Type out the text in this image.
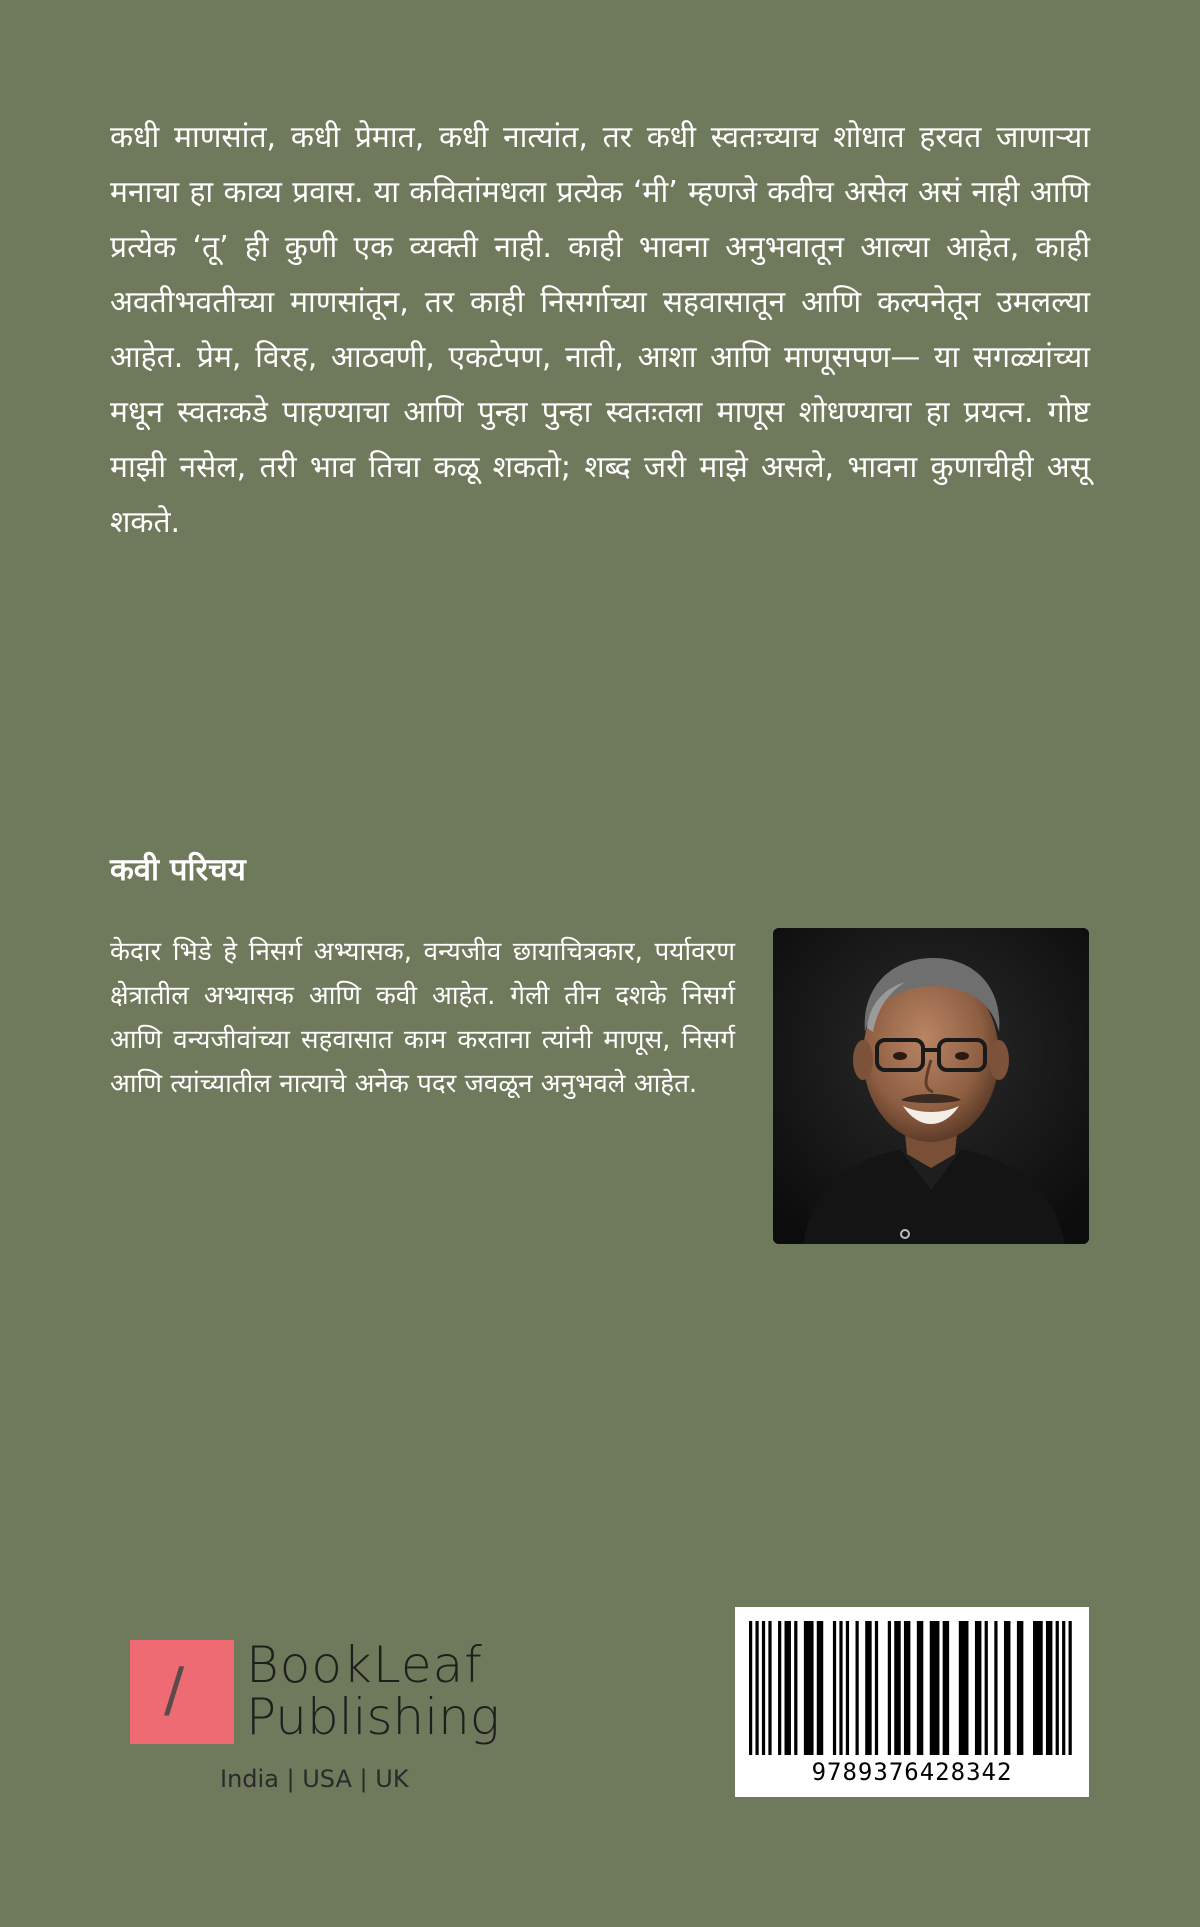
कधी माणसांत, कधी प्रेमात, कधी नात्यांत, तर कधी स्वतःच्याच शोधात हरवत जाणाऱ्या मनाचा हा काव्य प्रवास. या कवितांमधला प्रत्येक ‘मी’ म्हणजे कवीच असेल असं नाही आणि प्रत्येक ‘तू’ ही कुणी एक व्यक्ती नाही. काही भावना अनुभवातून आल्या आहेत, काही अवतीभवतीच्या माणसांतून, तर काही निसर्गाच्या सहवासातून आणि कल्पनेतून उमलल्या आहेत. प्रेम, विरह, आठवणी, एकटेपण, नाती, आशा आणि माणूसपण— या सगळ्यांच्या मधून स्वतःकडे पाहण्याचा आणि पुन्हा पुन्हा स्वतःतला माणूस शोधण्याचा हा प्रयत्न. गोष्ट माझी नसेल, तरी भाव तिचा कळू शकतो; शब्द जरी माझे असले, भावना कुणाचीही असू शकते.

कवी परिचय

केदार भिडे हे निसर्ग अभ्यासक, वन्यजीव छायाचित्रकार, पर्यावरण क्षेत्रातील अभ्यासक आणि कवी आहेत. गेली तीन दशके निसर्ग आणि वन्यजीवांच्या सहवासात काम करताना त्यांनी माणूस, निसर्ग आणि त्यांच्यातील नात्याचे अनेक पदर जवळून अनुभवले आहेत.

/ BookLeaf
Publishing
India | USA | UK	9789376428342
